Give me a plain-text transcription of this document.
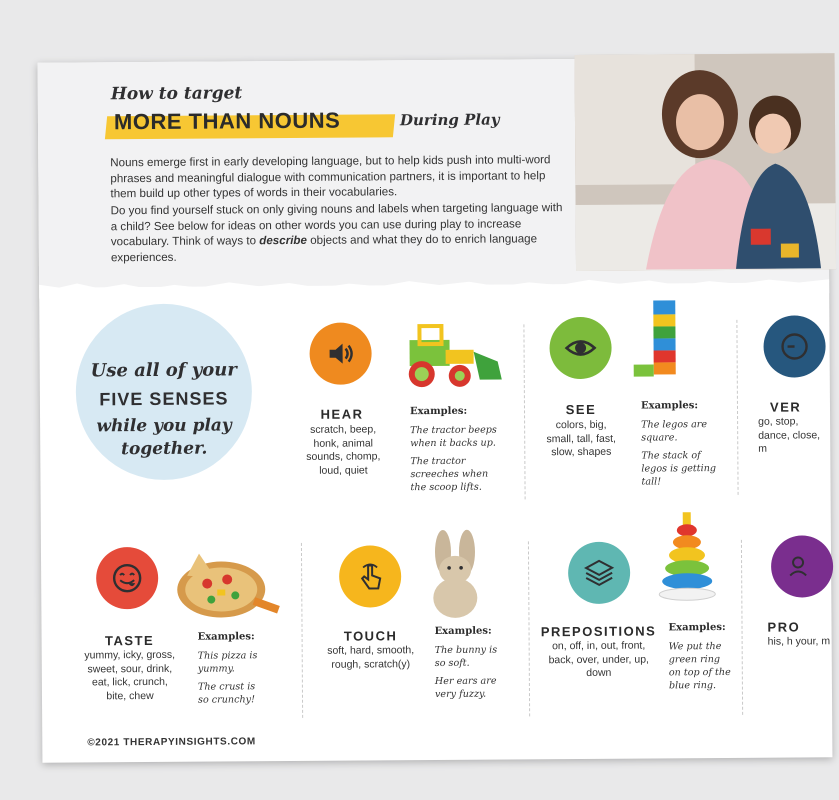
How to target
MORE THAN NOUNS	During Play

Nouns emerge first in early developing language, but to help kids push into multi-word phrases and meaningful dialogue with communication partners, it is important to help them build up other types of words in their vocabularies.

Do you find yourself stuck on only giving nouns and labels when targeting language with a child? See below for ideas on other words you can use during play to increase vocabulary. Think of ways to describe objects and what they do to enrich language experiences.

Use all of your
FIVE SENSES
while you play
together.
HEAR
scratch, beep, honk, animal sounds, chomp, loud, quiet
Examples:

The tractor beeps when it backs up.

The tractor screeches when the scoop lifts.

SEE
colors, big, small, tall, fast, slow, shapes
Examples:

The legos are square.

The stack of legos is getting tall!

VER
go, stop, dance, close, m
TASTE
yummy, icky, gross, sweet, sour, drink, eat, lick, crunch, bite, chew
Examples:

This pizza is yummy.

The crust is so crunchy!

TOUCH
soft, hard, smooth, rough, scratch(y)
Examples:

The bunny is so soft.

Her ears are very fuzzy.

PREPOSITIONS
on, off, in, out, front, back, over, under, up, down
Examples:

We put the green ring on top of the blue ring.

PRO
his, h your, m
©2021 THERAPYINSIGHTS.COM
